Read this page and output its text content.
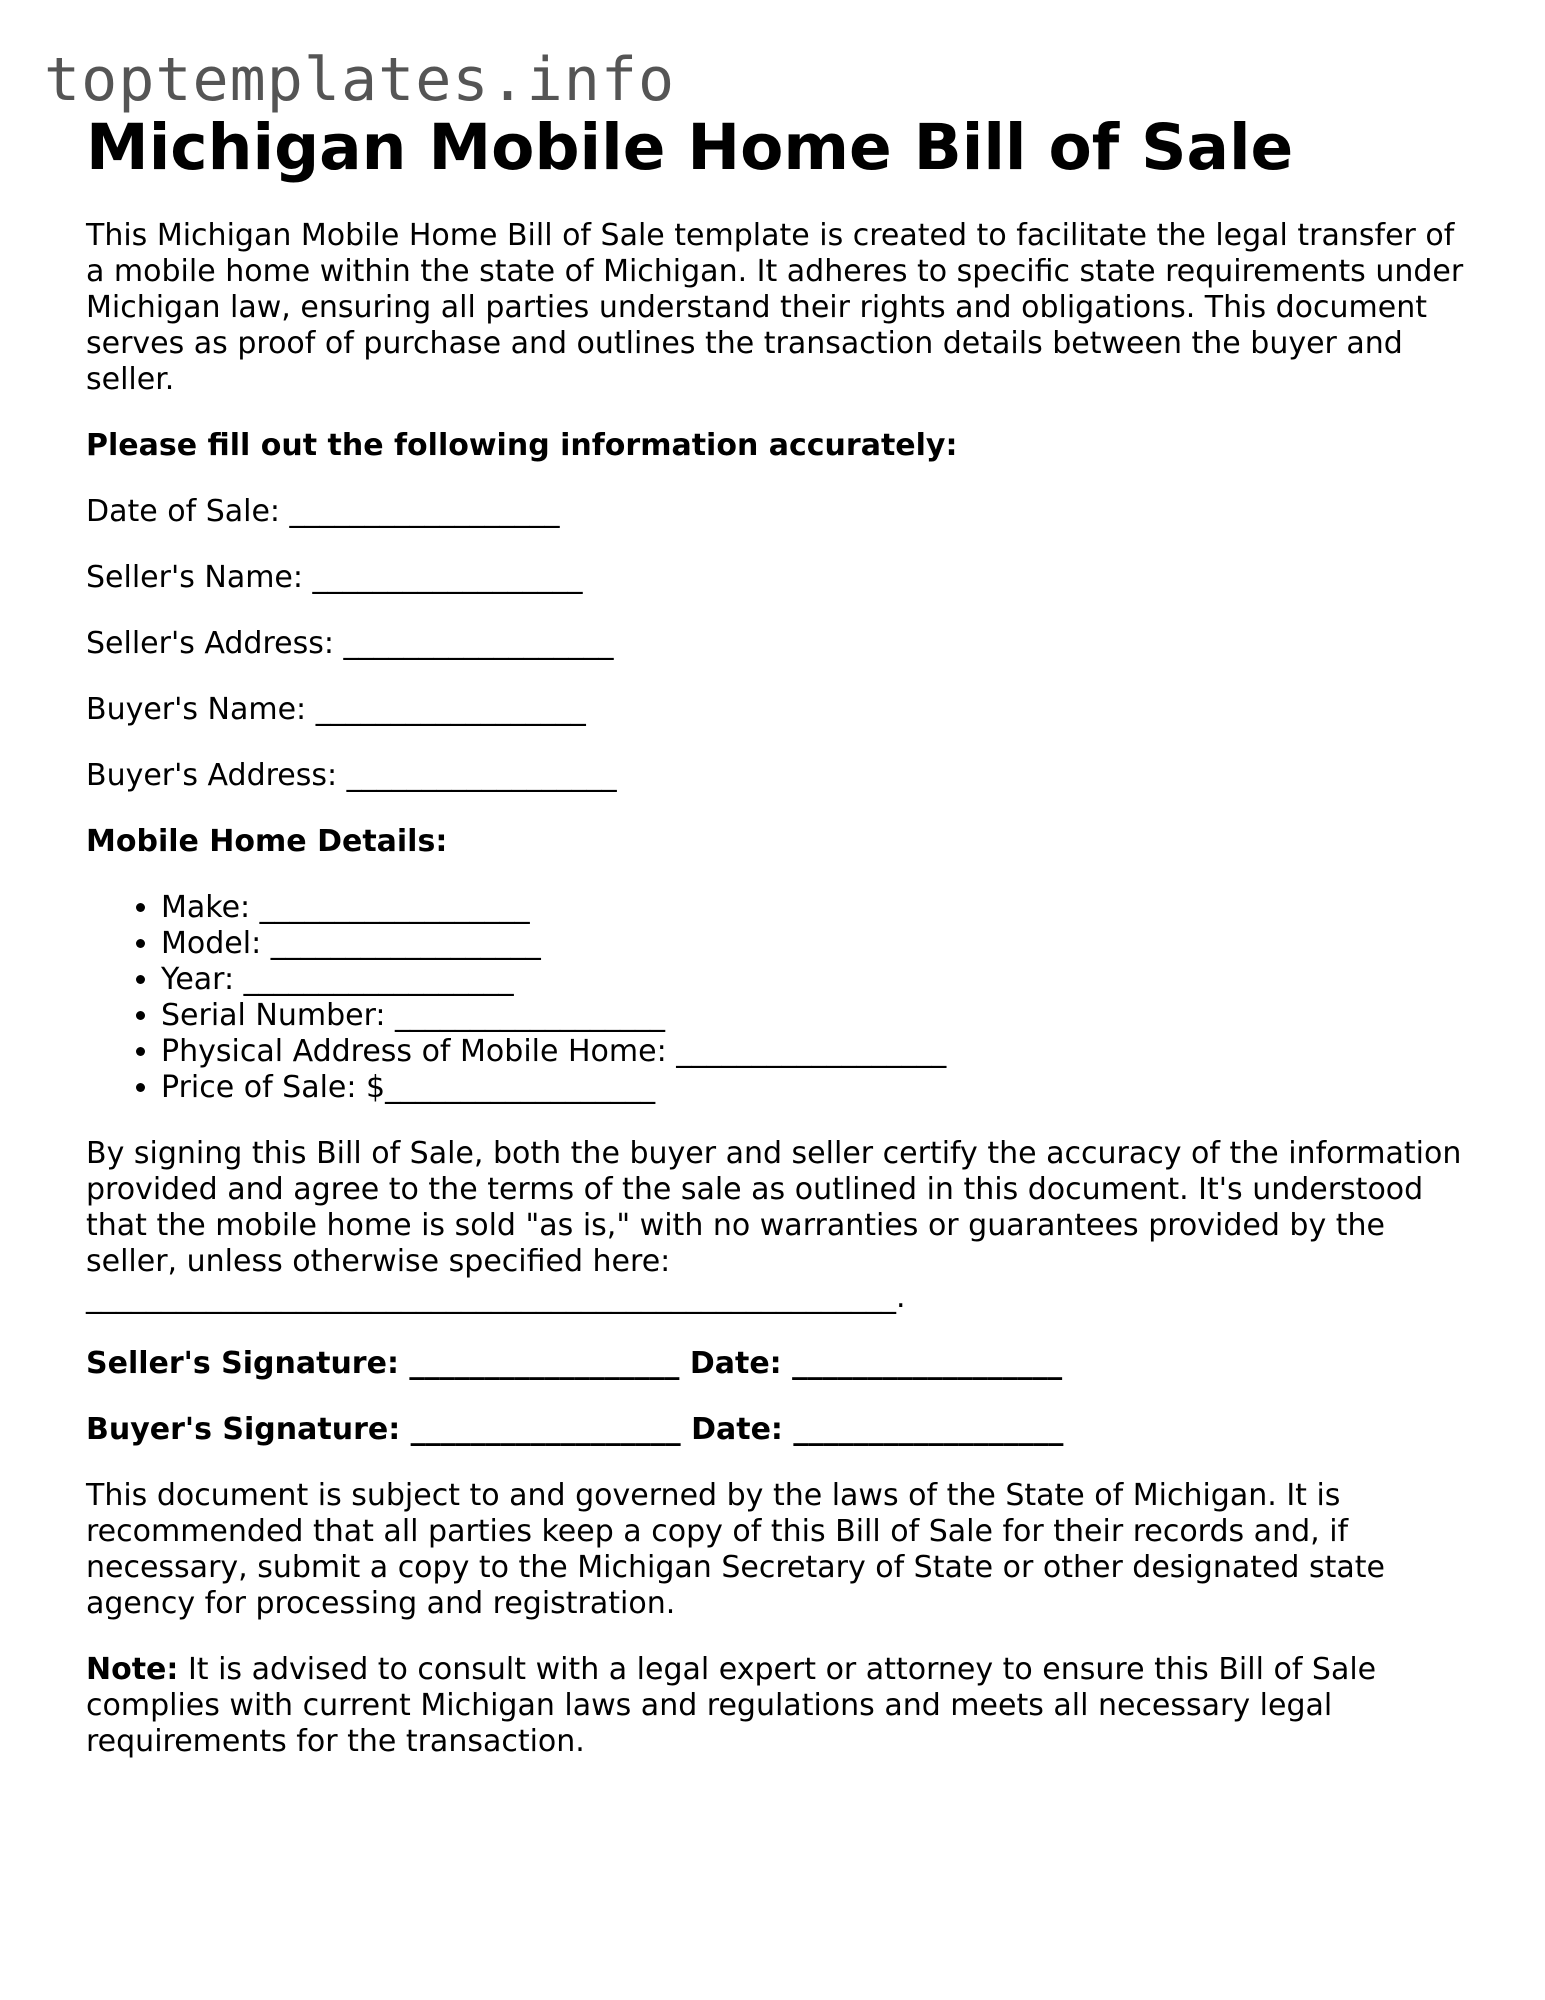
toptemplates.info
Michigan Mobile Home Bill of Sale

This Michigan Mobile Home Bill of Sale template is created to facilitate the legal transfer of a mobile home within the state of Michigan. It adheres to specific state requirements under Michigan law, ensuring all parties understand their rights and obligations. This document serves as proof of purchase and outlines the transaction details between the buyer and seller.

Please fill out the following information accurately:

Date of Sale: __________________

Seller's Name: __________________

Seller's Address: __________________

Buyer's Name: __________________

Buyer's Address: __________________

Mobile Home Details:

• Make: __________________
• Model: __________________
• Year: __________________
• Serial Number: __________________
• Physical Address of Mobile Home: __________________
• Price of Sale: $__________________

By signing this Bill of Sale, both the buyer and seller certify the accuracy of the information provided and agree to the terms of the sale as outlined in this document. It's understood that the mobile home is sold "as is," with no warranties or guarantees provided by the seller, unless otherwise specified here: ______________________________________________________.

Seller's Signature: __________________ Date: __________________

Buyer's Signature: __________________ Date: __________________

This document is subject to and governed by the laws of the State of Michigan. It is recommended that all parties keep a copy of this Bill of Sale for their records and, if necessary, submit a copy to the Michigan Secretary of State or other designated state agency for processing and registration.

Note: It is advised to consult with a legal expert or attorney to ensure this Bill of Sale complies with current Michigan laws and regulations and meets all necessary legal requirements for the transaction.
